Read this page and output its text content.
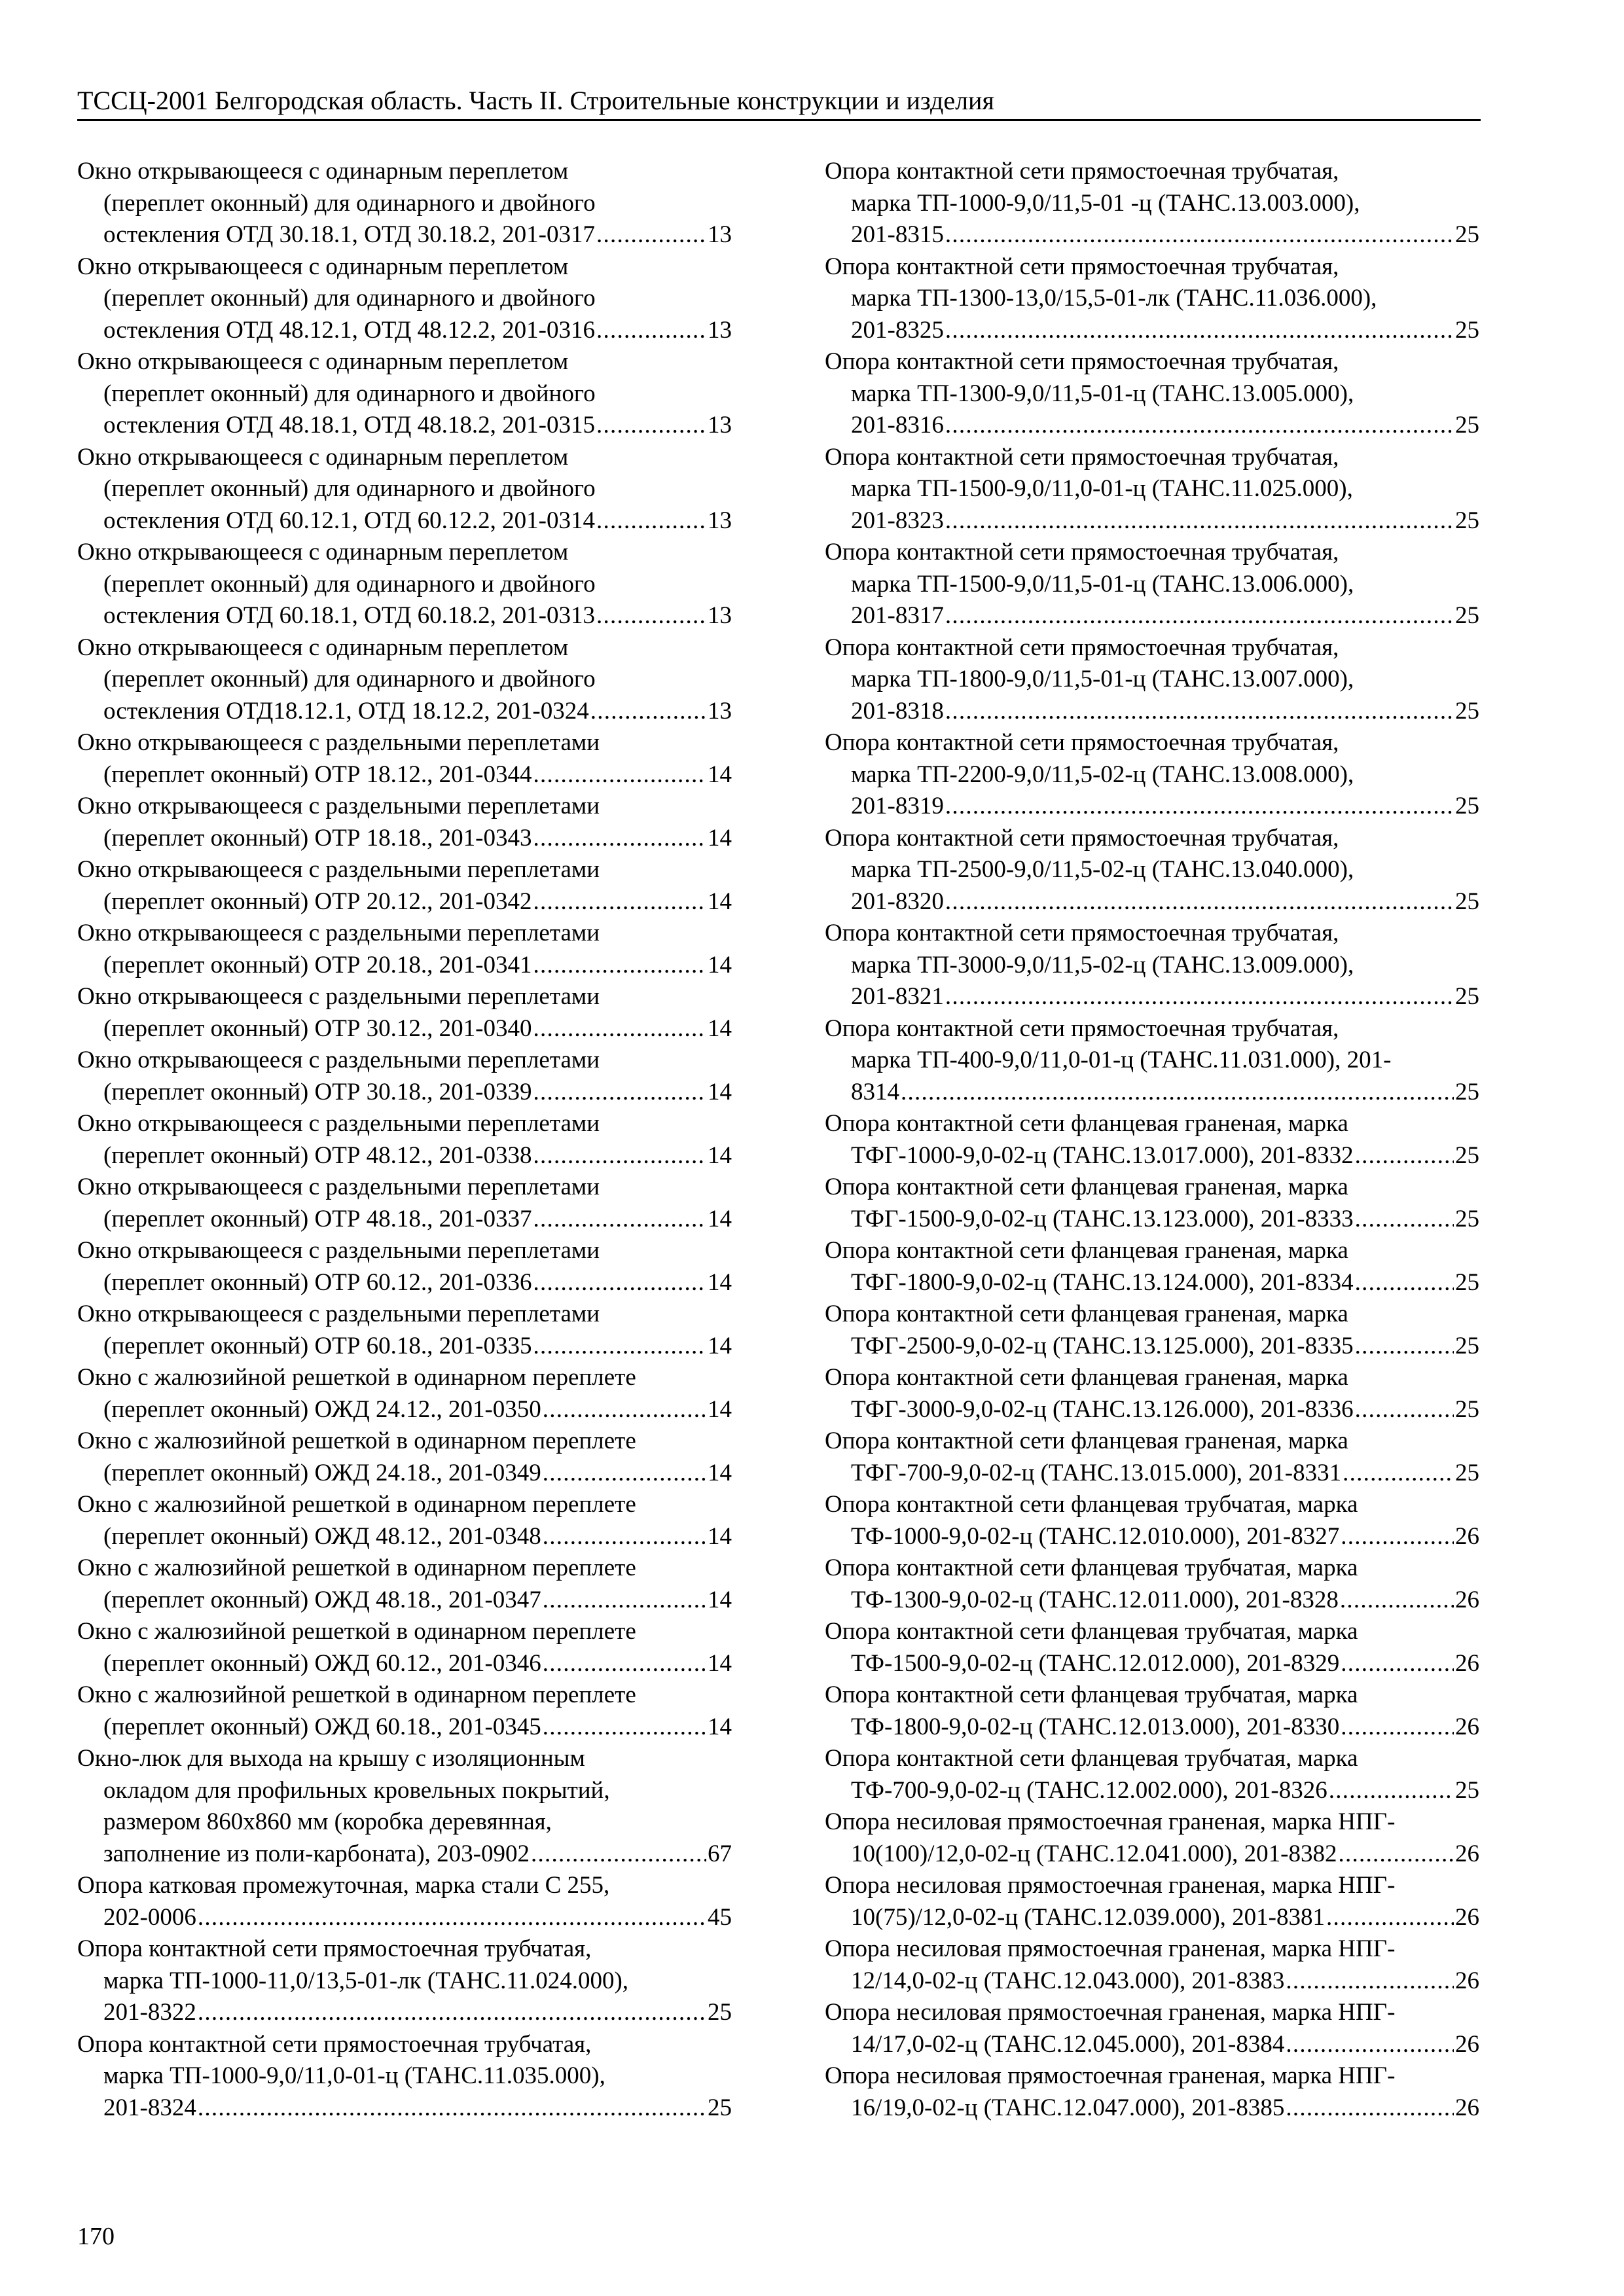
ТССЦ-2001 Белгородская область. Часть II. Строительные конструкции и изделия
Окно открывающееся с одинарным переплетом
(переплет оконный) для одинарного и двойного
остекления ОТД 30.18.1, ОТД 30.18.2, 201-0317 . . .	13
Окно открывающееся с одинарным переплетом
(переплет оконный) для одинарного и двойного
остекления ОТД 48.12.1, ОТД 48.12.2, 201-0316 . . .	13
Окно открывающееся с одинарным переплетом
(переплет оконный) для одинарного и двойного
остекления ОТД 48.18.1, ОТД 48.18.2, 201-0315 . . .	13
Окно открывающееся с одинарным переплетом
(переплет оконный) для одинарного и двойного
остекления ОТД 60.12.1, ОТД 60.12.2, 201-0314 . . .	13
Окно открывающееся с одинарным переплетом
(переплет оконный) для одинарного и двойного
остекления ОТД 60.18.1, ОТД 60.18.2, 201-0313 . . .	13
Окно открывающееся с одинарным переплетом
(переплет оконный) для одинарного и двойного
остекления ОТД18.12.1, ОТД 18.12.2, 201-0324 . . .	13
Окно открывающееся с раздельными переплетами
(переплет оконный) ОТР 18.12., 201-0344 . . .	14
Окно открывающееся с раздельными переплетами
(переплет оконный) ОТР 18.18., 201-0343 . . .	14
Окно открывающееся с раздельными переплетами
(переплет оконный) ОТР 20.12., 201-0342 . . .	14
Окно открывающееся с раздельными переплетами
(переплет оконный) ОТР 20.18., 201-0341 . . .	14
Окно открывающееся с раздельными переплетами
(переплет оконный) ОТР 30.12., 201-0340 . . .	14
Окно открывающееся с раздельными переплетами
(переплет оконный) ОТР 30.18., 201-0339 . . .	14
Окно открывающееся с раздельными переплетами
(переплет оконный) ОТР 48.12., 201-0338 . . .	14
Окно открывающееся с раздельными переплетами
(переплет оконный) ОТР 48.18., 201-0337 . . .	14
Окно открывающееся с раздельными переплетами
(переплет оконный) ОТР 60.12., 201-0336 . . .	14
Окно открывающееся с раздельными переплетами
(переплет оконный) ОТР 60.18., 201-0335 . . .	14
Окно с жалюзийной решеткой в одинарном переплете
(переплет оконный) ОЖД 24.12., 201-0350 . . .	14
Окно с жалюзийной решеткой в одинарном переплете
(переплет оконный) ОЖД 24.18., 201-0349 . . .	14
Окно с жалюзийной решеткой в одинарном переплете
(переплет оконный) ОЖД 48.12., 201-0348 . . .	14
Окно с жалюзийной решеткой в одинарном переплете
(переплет оконный) ОЖД 48.18., 201-0347 . . .	14
Окно с жалюзийной решеткой в одинарном переплете
(переплет оконный) ОЖД 60.12., 201-0346 . . .	14
Окно с жалюзийной решеткой в одинарном переплете
(переплет оконный) ОЖД 60.18., 201-0345 . . .	14
Окно-люк для выхода на крышу с изоляционным
окладом для профильных кровельных покрытий,
размером 860х860 мм (коробка деревянная,
заполнение из поли-карбоната), 203-0902 . . .	67
Опора катковая промежуточная, марка стали С 255,
202-0006 . . .	45
Опора контактной сети прямостоечная трубчатая,
марка ТП-1000-11,0/13,5-01-лк (ТАНС.11.024.000),
201-8322 . . .	25
Опора контактной сети прямостоечная трубчатая,
марка ТП-1000-9,0/11,0-01-ц (ТАНС.11.035.000),
201-8324 . . .	25
Опора контактной сети прямостоечная трубчатая,
марка ТП-1000-9,0/11,5-01 -ц (ТАНС.13.003.000),
201-8315 . . .	25
Опора контактной сети прямостоечная трубчатая,
марка ТП-1300-13,0/15,5-01-лк (ТАНС.11.036.000),
201-8325 . . .	25
Опора контактной сети прямостоечная трубчатая,
марка ТП-1300-9,0/11,5-01-ц (ТАНС.13.005.000),
201-8316 . . .	25
Опора контактной сети прямостоечная трубчатая,
марка ТП-1500-9,0/11,0-01-ц (ТАНС.11.025.000),
201-8323 . . .	25
Опора контактной сети прямостоечная трубчатая,
марка ТП-1500-9,0/11,5-01-ц (ТАНС.13.006.000),
201-8317 . . .	25
Опора контактной сети прямостоечная трубчатая,
марка ТП-1800-9,0/11,5-01-ц (ТАНС.13.007.000),
201-8318 . . .	25
Опора контактной сети прямостоечная трубчатая,
марка ТП-2200-9,0/11,5-02-ц (ТАНС.13.008.000),
201-8319 . . .	25
Опора контактной сети прямостоечная трубчатая,
марка ТП-2500-9,0/11,5-02-ц (ТАНС.13.040.000),
201-8320 . . .	25
Опора контактной сети прямостоечная трубчатая,
марка ТП-3000-9,0/11,5-02-ц (ТАНС.13.009.000),
201-8321 . . .	25
Опора контактной сети прямостоечная трубчатая,
марка ТП-400-9,0/11,0-01-ц (ТАНС.11.031.000), 201-
8314 . . .	25
Опора контактной сети фланцевая граненая, марка
ТФГ-1000-9,0-02-ц (ТАНС.13.017.000), 201-8332 . . .	25
Опора контактной сети фланцевая граненая, марка
ТФГ-1500-9,0-02-ц (ТАНС.13.123.000), 201-8333 . . .	25
Опора контактной сети фланцевая граненая, марка
ТФГ-1800-9,0-02-ц (ТАНС.13.124.000), 201-8334 . . .	25
Опора контактной сети фланцевая граненая, марка
ТФГ-2500-9,0-02-ц (ТАНС.13.125.000), 201-8335 . . .	25
Опора контактной сети фланцевая граненая, марка
ТФГ-3000-9,0-02-ц (ТАНС.13.126.000), 201-8336 . . .	25
Опора контактной сети фланцевая граненая, марка
ТФГ-700-9,0-02-ц (ТАНС.13.015.000), 201-8331 . . .	25
Опора контактной сети фланцевая трубчатая, марка
ТФ-1000-9,0-02-ц (ТАНС.12.010.000), 201-8327 . . .	26
Опора контактной сети фланцевая трубчатая, марка
ТФ-1300-9,0-02-ц (ТАНС.12.011.000), 201-8328 . . .	26
Опора контактной сети фланцевая трубчатая, марка
ТФ-1500-9,0-02-ц (ТАНС.12.012.000), 201-8329 . . .	26
Опора контактной сети фланцевая трубчатая, марка
ТФ-1800-9,0-02-ц (ТАНС.12.013.000), 201-8330 . . .	26
Опора контактной сети фланцевая трубчатая, марка
ТФ-700-9,0-02-ц (ТАНС.12.002.000), 201-8326 . . .	25
Опора несиловая прямостоечная граненая, марка НПГ-
10(100)/12,0-02-ц (ТАНС.12.041.000), 201-8382 . . .	26
Опора несиловая прямостоечная граненая, марка НПГ-
10(75)/12,0-02-ц (ТАНС.12.039.000), 201-8381 . . .	26
Опора несиловая прямостоечная граненая, марка НПГ-
12/14,0-02-ц (ТАНС.12.043.000), 201-8383 . . .	26
Опора несиловая прямостоечная граненая, марка НПГ-
14/17,0-02-ц (ТАНС.12.045.000), 201-8384 . . .	26
Опора несиловая прямостоечная граненая, марка НПГ-
16/19,0-02-ц (ТАНС.12.047.000), 201-8385 . . .	26
170
